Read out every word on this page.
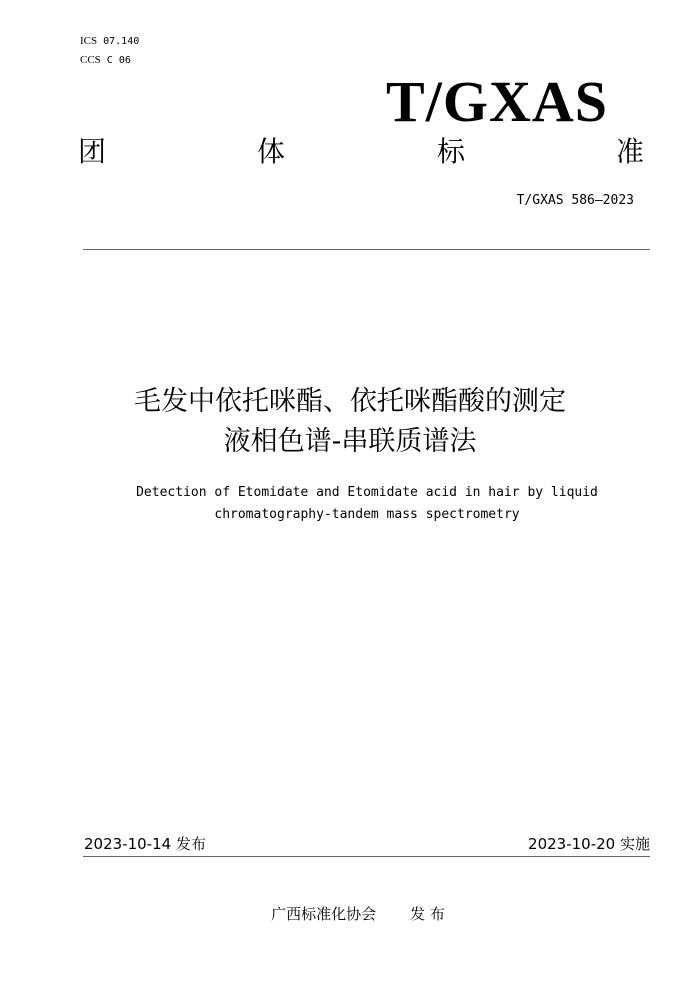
ICS 07.140
CCS C 06
T/GXAS
团	体	标	准
T/GXAS 586—2023
毛发中依托咪酯、依托咪酯酸的测定
液相色谱-串联质谱法
Detection of Etomidate and Etomidate acid in hair by liquid
chromatography-tandem mass spectrometry
2023-10-14 发布	2023-10-20 实施
广西标准化协会 发 布
